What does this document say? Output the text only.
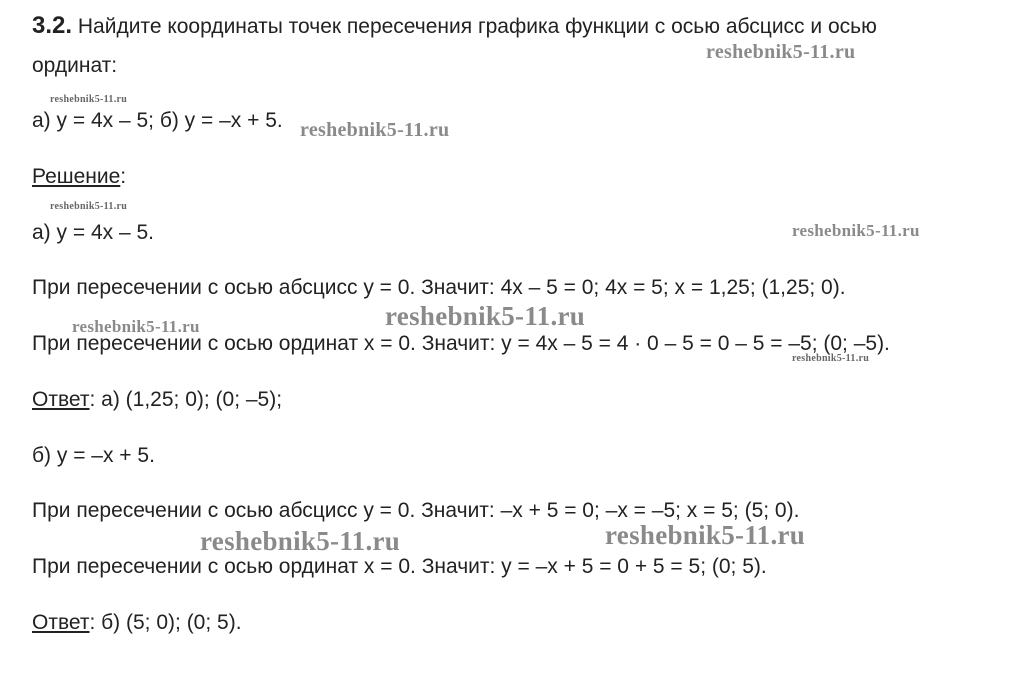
3.2. Найдите координаты точек пересечения графика функции с осью абсцисс и осью
ординат:
а) y = 4x – 5; б) y = –x + 5.
Решение:
а) y = 4x – 5.
При пересечении с осью абсцисс y = 0. Значит: 4x – 5 = 0; 4x = 5; x = 1,25; (1,25; 0).
При пересечении с осью ординат x = 0. Значит: y = 4x – 5 = 4 · 0 – 5 = 0 – 5 = –5; (0; –5).
Ответ: а) (1,25; 0); (0; –5);
б) y = –x + 5.
При пересечении с осью абсцисс y = 0. Значит: –x + 5 = 0; –x = –5; x = 5; (5; 0).
При пересечении с осью ординат x = 0. Значит: y = –x + 5 = 0 + 5 = 5; (0; 5).
Ответ: б) (5; 0); (0; 5).
reshebnik5-11.ru
reshebnik5-11.ru
reshebnik5-11.ru
reshebnik5-11.ru
reshebnik5-11.ru
reshebnik5-11.ru	reshebnik5-11.ru
reshebnik5-11.ru
reshebnik5-11.ru	reshebnik5-11.ru
